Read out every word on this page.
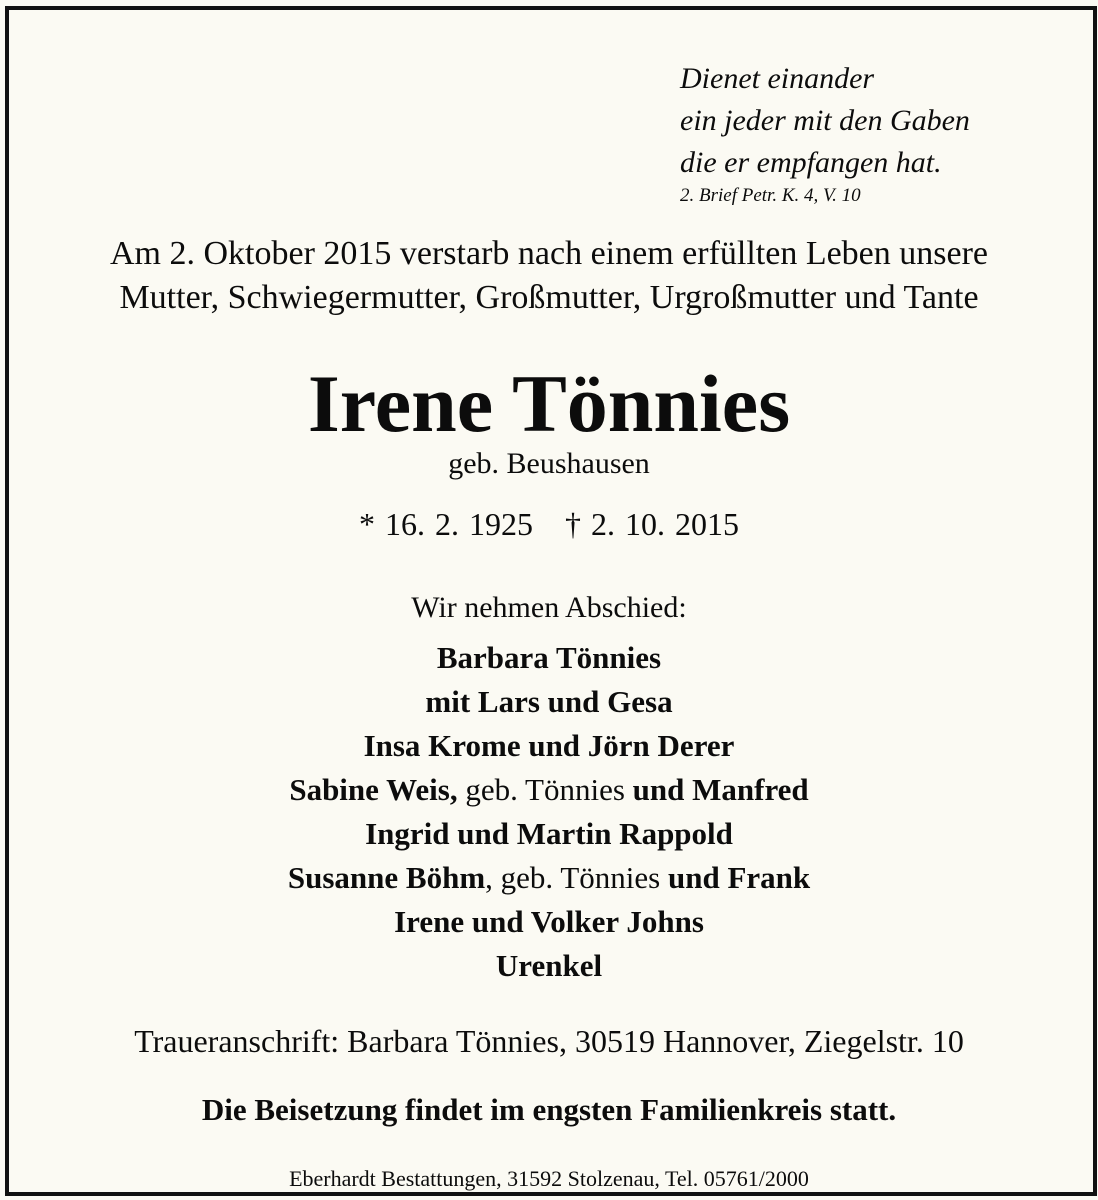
Dienet einander
ein jeder mit den Gaben
die er empfangen hat.
2. Brief Petr. K. 4, V. 10
Am 2. Oktober 2015 verstarb nach einem erfüllten Leben unsere
Mutter, Schwiegermutter, Großmutter, Urgroßmutter und Tante
Irene Tönnies
geb. Beushausen
* 16. 2. 1925 † 2. 10. 2015
Wir nehmen Abschied:
Barbara Tönnies
mit Lars und Gesa
Insa Krome und Jörn Derer
Sabine Weis, geb. Tönnies und Manfred
Ingrid und Martin Rappold
Susanne Böhm, geb. Tönnies und Frank
Irene und Volker Johns
Urenkel
Traueranschrift: Barbara Tönnies, 30519 Hannover, Ziegelstr. 10
Die Beisetzung findet im engsten Familienkreis statt.
Eberhardt Bestattungen, 31592 Stolzenau, Tel. 05761/2000
